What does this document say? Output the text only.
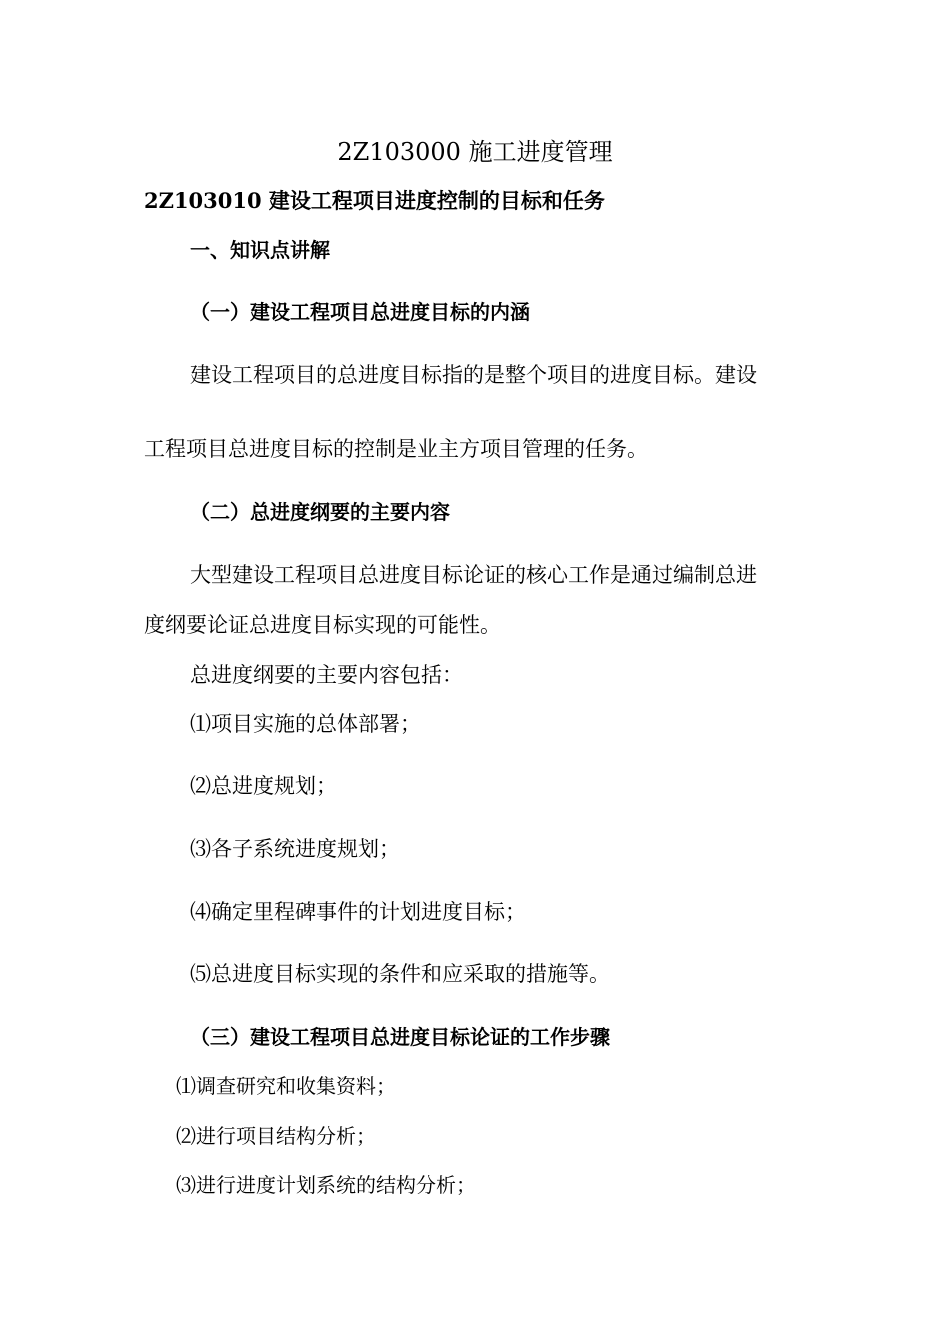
2Z103000 施工进度管理
2Z103010 建设工程项目进度控制的目标和任务
一、知识点讲解
（一）建设工程项目总进度目标的内涵
建设工程项目的总进度目标指的是整个项目的进度目标。建设
工程项目总进度目标的控制是业主方项目管理的任务。
（二）总进度纲要的主要内容
大型建设工程项目总进度目标论证的核心工作是通过编制总进
度纲要论证总进度目标实现的可能性。
总进度纲要的主要内容包括：
⑴项目实施的总体部署；
⑵总进度规划；
⑶各子系统进度规划；
⑷确定里程碑事件的计划进度目标；
⑸总进度目标实现的条件和应采取的措施等。
（三）建设工程项目总进度目标论证的工作步骤
⑴调查研究和收集资料；
⑵进行项目结构分析；
⑶进行进度计划系统的结构分析；
